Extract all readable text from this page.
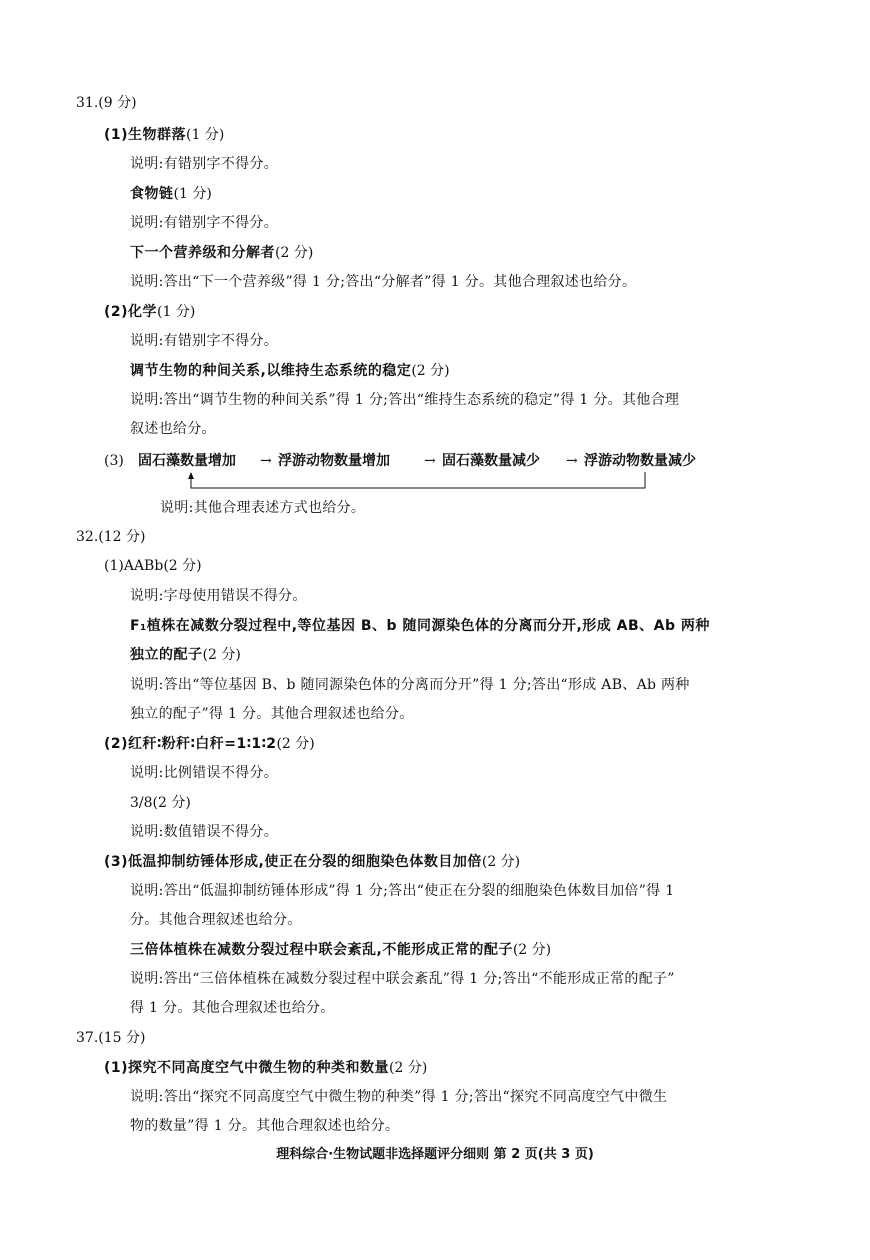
31.(9 分)
(1)生物群落(1 分)
说明:有错别字不得分。
食物链(1 分)
说明:有错别字不得分。
下一个营养级和分解者(2 分)
说明:答出“下一个营养级”得 1 分;答出“分解者”得 1 分。其他合理叙述也给分。
(2)化学(1 分)
说明:有错别字不得分。
调节生物的种间关系,以维持生态系统的稳定(2 分)
说明:答出“调节生物的种间关系”得 1 分;答出“维持生态系统的稳定”得 1 分。其他合理
叙述也给分。
(3) 固石藻数量增加 → 浮游动物数量增加 → 固石藻数量减少 → 浮游动物数量减少
说明:其他合理表述方式也给分。
32.(12 分)
(1)AABb(2 分)
说明:字母使用错误不得分。
F₁植株在减数分裂过程中,等位基因 B、b 随同源染色体的分离而分开,形成 AB、Ab 两种
独立的配子(2 分)
说明:答出“等位基因 B、b 随同源染色体的分离而分开”得 1 分;答出“形成 AB、Ab 两种
独立的配子”得 1 分。其他合理叙述也给分。
(2)红秆∶粉秆∶白秆=1∶1∶2(2 分)
说明:比例错误不得分。
3/8(2 分)
说明:数值错误不得分。
(3)低温抑制纺锤体形成,使正在分裂的细胞染色体数目加倍(2 分)
说明:答出“低温抑制纺锤体形成”得 1 分;答出“使正在分裂的细胞染色体数目加倍”得 1
分。其他合理叙述也给分。
三倍体植株在减数分裂过程中联会紊乱,不能形成正常的配子(2 分)
说明:答出“三倍体植株在减数分裂过程中联会紊乱”得 1 分;答出“不能形成正常的配子”
得 1 分。其他合理叙述也给分。
37.(15 分)
(1)探究不同高度空气中微生物的种类和数量(2 分)
说明:答出“探究不同高度空气中微生物的种类”得 1 分;答出“探究不同高度空气中微生
物的数量”得 1 分。其他合理叙述也给分。
理科综合·生物试题非选择题评分细则 第 2 页(共 3 页)
